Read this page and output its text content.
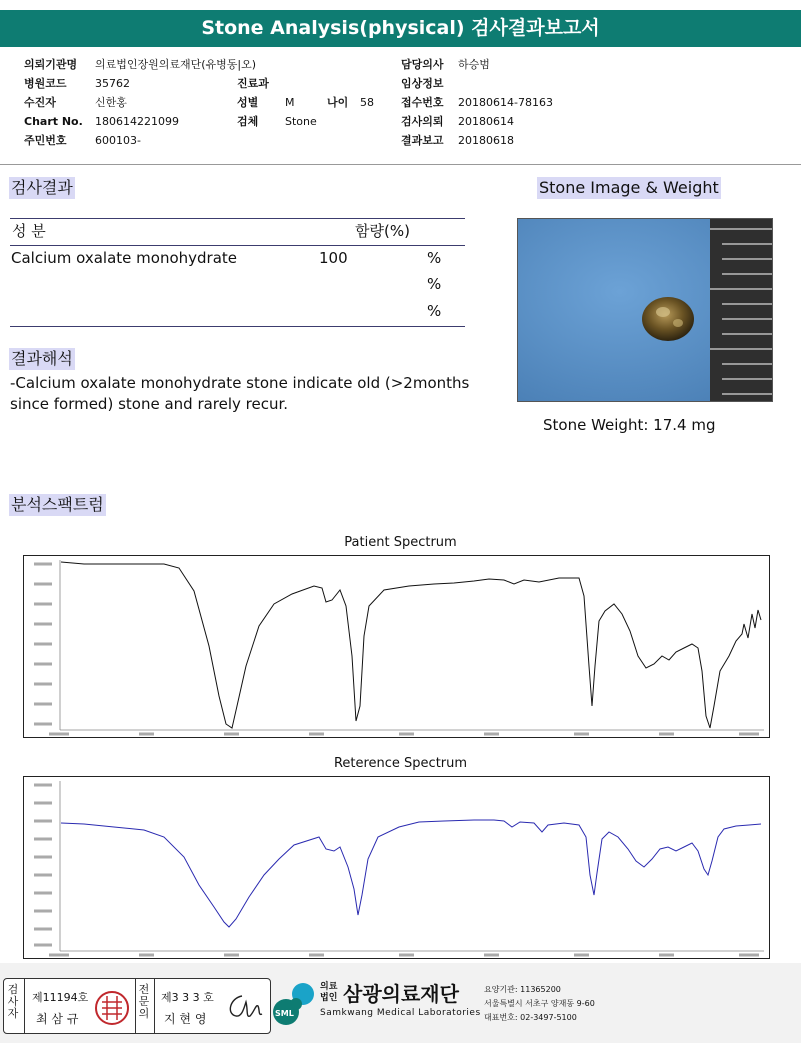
Stone Analysis(physical) 검사결과보고서
의뢰기관명 의료법인장원의료재단(유병동|오)
병원코드	35762
수진자	신한홍
Chart No. 180614221099
주민번호	600103-
진료과
성별 M	나이 58
검체 Stone
담당의사 하승범
임상정보
접수번호 20180614-78163
검사의뢰 20180614
결과보고 20180618
검사결과
성 분	함량(%)
Calcium oxalate monohydrate	100	%
%
%
결과해석
-Calcium oxalate monohydrate stone indicate old (>2months since formed) stone and rarely recur.
Stone Image & Weight
Stone Weight: 17.4 mg
분석스팩트럼
Patient Spectrum
Reterence Spectrum
검
사
자
제11194호
최 삼 규
전
문
의
제3 3 3 호
지 현 영	SML
의료법인 삼광의료재단
Samkwang Medical Laboratories
요양기관: 11365200
서울특별시 서초구 양재동 9-60
대표번호: 02-3497-5100
